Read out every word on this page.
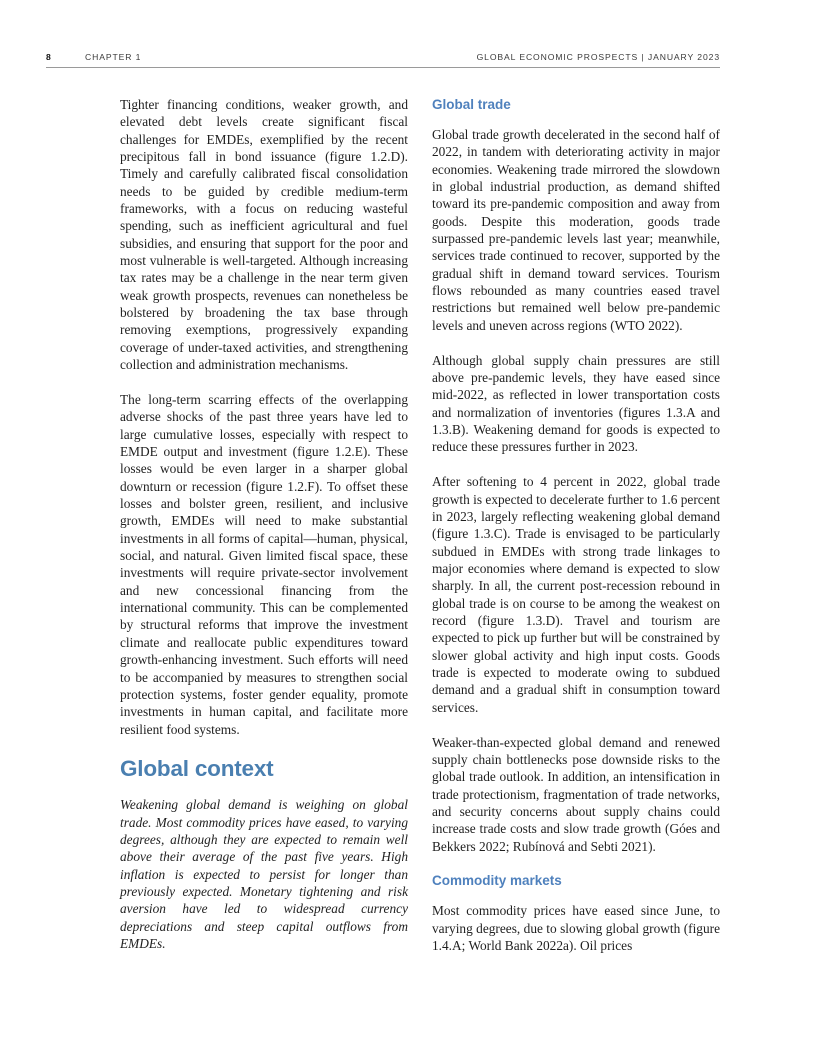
8	CHAPTER 1	GLOBAL ECONOMIC PROSPECTS | JANUARY 2023

Tighter financing conditions, weaker growth, and elevated debt levels create significant fiscal challenges for EMDEs, exemplified by the recent precipitous fall in bond issuance (figure 1.2.D). Timely and carefully calibrated fiscal consolidation needs to be guided by credible medium-term frameworks, with a focus on reducing wasteful spending, such as inefficient agricultural and fuel subsidies, and ensuring that support for the poor and most vulnerable is well-targeted. Although increasing tax rates may be a challenge in the near term given weak growth prospects, revenues can nonetheless be bolstered by broadening the tax base through removing exemptions, progressively expanding coverage of under-taxed activities, and strengthening collection and administration mechanisms.

The long-term scarring effects of the overlapping adverse shocks of the past three years have led to large cumulative losses, especially with respect to EMDE output and investment (figure 1.2.E). These losses would be even larger in a sharper global downturn or recession (figure 1.2.F). To offset these losses and bolster green, resilient, and inclusive growth, EMDEs will need to make substantial investments in all forms of capital—human, physical, social, and natural. Given limited fiscal space, these investments will require private-sector involvement and new concessional financing from the international community. This can be complemented by structural reforms that improve the investment climate and reallocate public expenditures toward growth-enhancing investment. Such efforts will need to be accompanied by measures to strengthen social protection systems, foster gender equality, promote investments in human capital, and facilitate more resilient food systems.

Global context

Weakening global demand is weighing on global trade. Most commodity prices have eased, to varying degrees, although they are expected to remain well above their average of the past five years. High inflation is expected to persist for longer than previously expected. Monetary tightening and risk aversion have led to widespread currency depreciations and steep capital outflows from EMDEs.

Global trade

Global trade growth decelerated in the second half of 2022, in tandem with deteriorating activity in major economies. Weakening trade mirrored the slowdown in global industrial production, as demand shifted toward its pre-pandemic composition and away from goods. Despite this moderation, goods trade surpassed pre-pandemic levels last year; meanwhile, services trade continued to recover, supported by the gradual shift in demand toward services. Tourism flows rebounded as many countries eased travel restrictions but remained well below pre-pandemic levels and uneven across regions (WTO 2022).

Although global supply chain pressures are still above pre-pandemic levels, they have eased since mid-2022, as reflected in lower transportation costs and normalization of inventories (figures 1.3.A and 1.3.B). Weakening demand for goods is expected to reduce these pressures further in 2023.

After softening to 4 percent in 2022, global trade growth is expected to decelerate further to 1.6 percent in 2023, largely reflecting weakening global demand (figure 1.3.C). Trade is envisaged to be particularly subdued in EMDEs with strong trade linkages to major economies where demand is expected to slow sharply. In all, the current post-recession rebound in global trade is on course to be among the weakest on record (figure 1.3.D). Travel and tourism are expected to pick up further but will be constrained by slower global activity and high input costs. Goods trade is expected to moderate owing to subdued demand and a gradual shift in consumption toward services.

Weaker-than-expected global demand and renewed supply chain bottlenecks pose downside risks to the global trade outlook. In addition, an intensification in trade protectionism, fragmentation of trade networks, and security concerns about supply chains could increase trade costs and slow trade growth (Góes and Bekkers 2022; Rubínová and Sebti 2021).

Commodity markets

Most commodity prices have eased since June, to varying degrees, due to slowing global growth (figure 1.4.A; World Bank 2022a). Oil prices
